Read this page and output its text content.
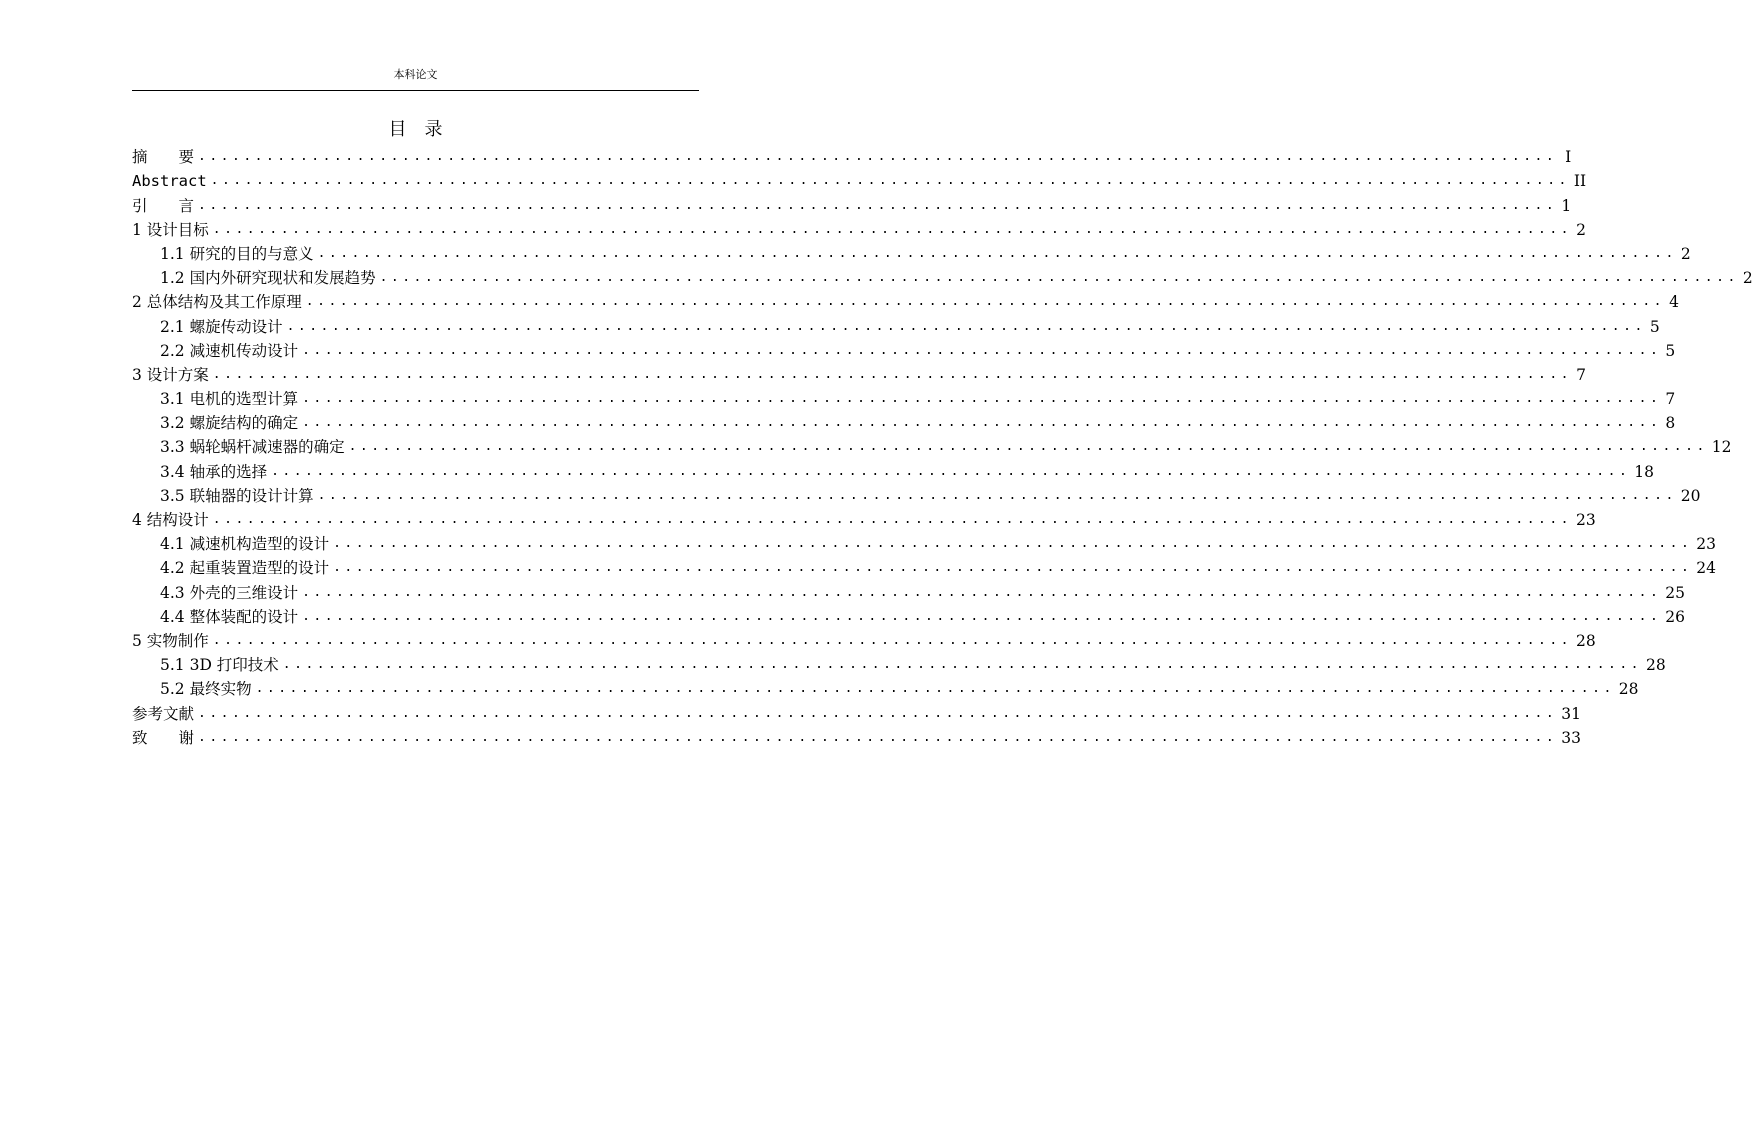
本科论文
目　录
摘　　要 ........................................................................................................................ I
Abstract ........................................................................................................................ II
引　　言 ........................................................................................................................ 1
1 设计目标 ........................................................................................................................ 2
1.1 研究的目的与意义 ........................................................................................................................ 2
1.2 国内外研究现状和发展趋势 ........................................................................................................................ 2
2 总体结构及其工作原理 ........................................................................................................................ 4
2.1 螺旋传动设计 ........................................................................................................................ 5
2.2 减速机传动设计 ........................................................................................................................ 5
3 设计方案 ........................................................................................................................ 7
3.1 电机的选型计算 ........................................................................................................................ 7
3.2 螺旋结构的确定 ........................................................................................................................ 8
3.3 蜗轮蜗杆减速器的确定 ........................................................................................................................ 12
3.4 轴承的选择 ........................................................................................................................ 18
3.5 联轴器的设计计算 ........................................................................................................................ 20
4 结构设计 ........................................................................................................................ 23
4.1 减速机构造型的设计 ........................................................................................................................ 23
4.2 起重装置造型的设计 ........................................................................................................................ 24
4.3 外壳的三维设计 ........................................................................................................................ 25
4.4 整体装配的设计 ........................................................................................................................ 26
5 实物制作 ........................................................................................................................ 28
5.1 3D 打印技术 ........................................................................................................................ 28
5.2 最终实物 ........................................................................................................................ 28
参考文献 ........................................................................................................................ 31
致　　谢 ........................................................................................................................ 33
